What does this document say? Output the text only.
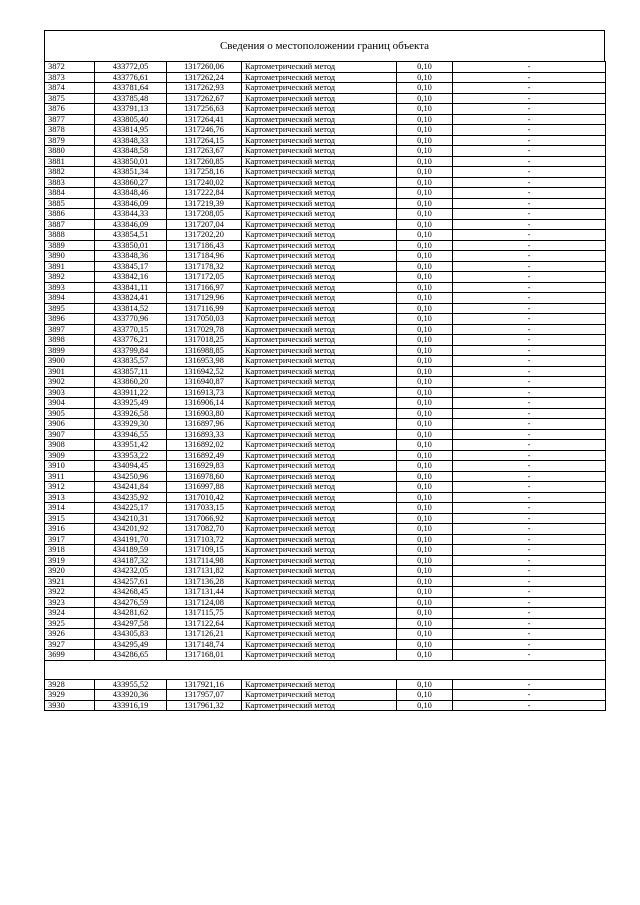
Сведения о местоположении границ объекта
3872	433772,05	1317260,06	Картометрический метод	0,10	-
3873	433776,61	1317262,24	Картометрический метод	0,10	-
3874	433781,64	1317262,93	Картометрический метод	0,10	-
3875	433785,48	1317262,67	Картометрический метод	0,10	-
3876	433791,13	1317256,63	Картометрический метод	0,10	-
3877	433805,40	1317264,41	Картометрический метод	0,10	-
3878	433814,95	1317246,76	Картометрический метод	0,10	-
3879	433848,33	1317264,15	Картометрический метод	0,10	-
3880	433848,58	1317263,67	Картометрический метод	0,10	-
3881	433850,01	1317260,85	Картометрический метод	0,10	-
3882	433851,34	1317258,16	Картометрический метод	0,10	-
3883	433860,27	1317240,02	Картометрический метод	0,10	-
3884	433848,46	1317222,84	Картометрический метод	0,10	-
3885	433846,09	1317219,39	Картометрический метод	0,10	-
3886	433844,33	1317208,05	Картометрический метод	0,10	-
3887	433846,09	1317207,04	Картометрический метод	0,10	-
3888	433854,51	1317202,20	Картометрический метод	0,10	-
3889	433850,01	1317186,43	Картометрический метод	0,10	-
3890	433848,36	1317184,96	Картометрический метод	0,10	-
3891	433845,17	1317178,32	Картометрический метод	0,10	-
3892	433842,16	1317172,05	Картометрический метод	0,10	-
3893	433841,11	1317166,97	Картометрический метод	0,10	-
3894	433824,41	1317129,96	Картометрический метод	0,10	-
3895	433814,52	1317116,99	Картометрический метод	0,10	-
3896	433770,96	1317050,03	Картометрический метод	0,10	-
3897	433770,15	1317029,78	Картометрический метод	0,10	-
3898	433776,21	1317018,25	Картометрический метод	0,10	-
3899	433799,84	1316988,85	Картометрический метод	0,10	-
3900	433835,57	1316953,98	Картометрический метод	0,10	-
3901	433857,11	1316942,52	Картометрический метод	0,10	-
3902	433860,20	1316940,87	Картометрический метод	0,10	-
3903	433911,22	1316913,73	Картометрический метод	0,10	-
3904	433925,49	1316906,14	Картометрический метод	0,10	-
3905	433926,58	1316903,80	Картометрический метод	0,10	-
3906	433929,30	1316897,96	Картометрический метод	0,10	-
3907	433946,55	1316893,33	Картометрический метод	0,10	-
3908	433951,42	1316892,02	Картометрический метод	0,10	-
3909	433953,22	1316892,49	Картометрический метод	0,10	-
3910	434094,45	1316929,83	Картометрический метод	0,10	-
3911	434250,96	1316978,60	Картометрический метод	0,10	-
3912	434241,84	1316997,88	Картометрический метод	0,10	-
3913	434235,92	1317010,42	Картометрический метод	0,10	-
3914	434225,17	1317033,15	Картометрический метод	0,10	-
3915	434210,31	1317066,92	Картометрический метод	0,10	-
3916	434201,92	1317082,70	Картометрический метод	0,10	-
3917	434191,70	1317103,72	Картометрический метод	0,10	-
3918	434189,59	1317109,15	Картометрический метод	0,10	-
3919	434187,32	1317114,98	Картометрический метод	0,10	-
3920	434232,05	1317131,82	Картометрический метод	0,10	-
3921	434257,61	1317136,28	Картометрический метод	0,10	-
3922	434268,45	1317131,44	Картометрический метод	0,10	-
3923	434276,59	1317124,08	Картометрический метод	0,10	-
3924	434281,62	1317115,75	Картометрический метод	0,10	-
3925	434297,58	1317122,64	Картометрический метод	0,10	-
3926	434305,83	1317126,21	Картометрический метод	0,10	-
3927	434295,49	1317148,74	Картометрический метод	0,10	-
3699	434286,65	1317168,01	Картометрический метод	0,10	-

3928	433955,52	1317921,16	Картометрический метод	0,10	-
3929	433920,36	1317957,07	Картометрический метод	0,10	-
3930	433916,19	1317961,32	Картометрический метод	0,10	-
